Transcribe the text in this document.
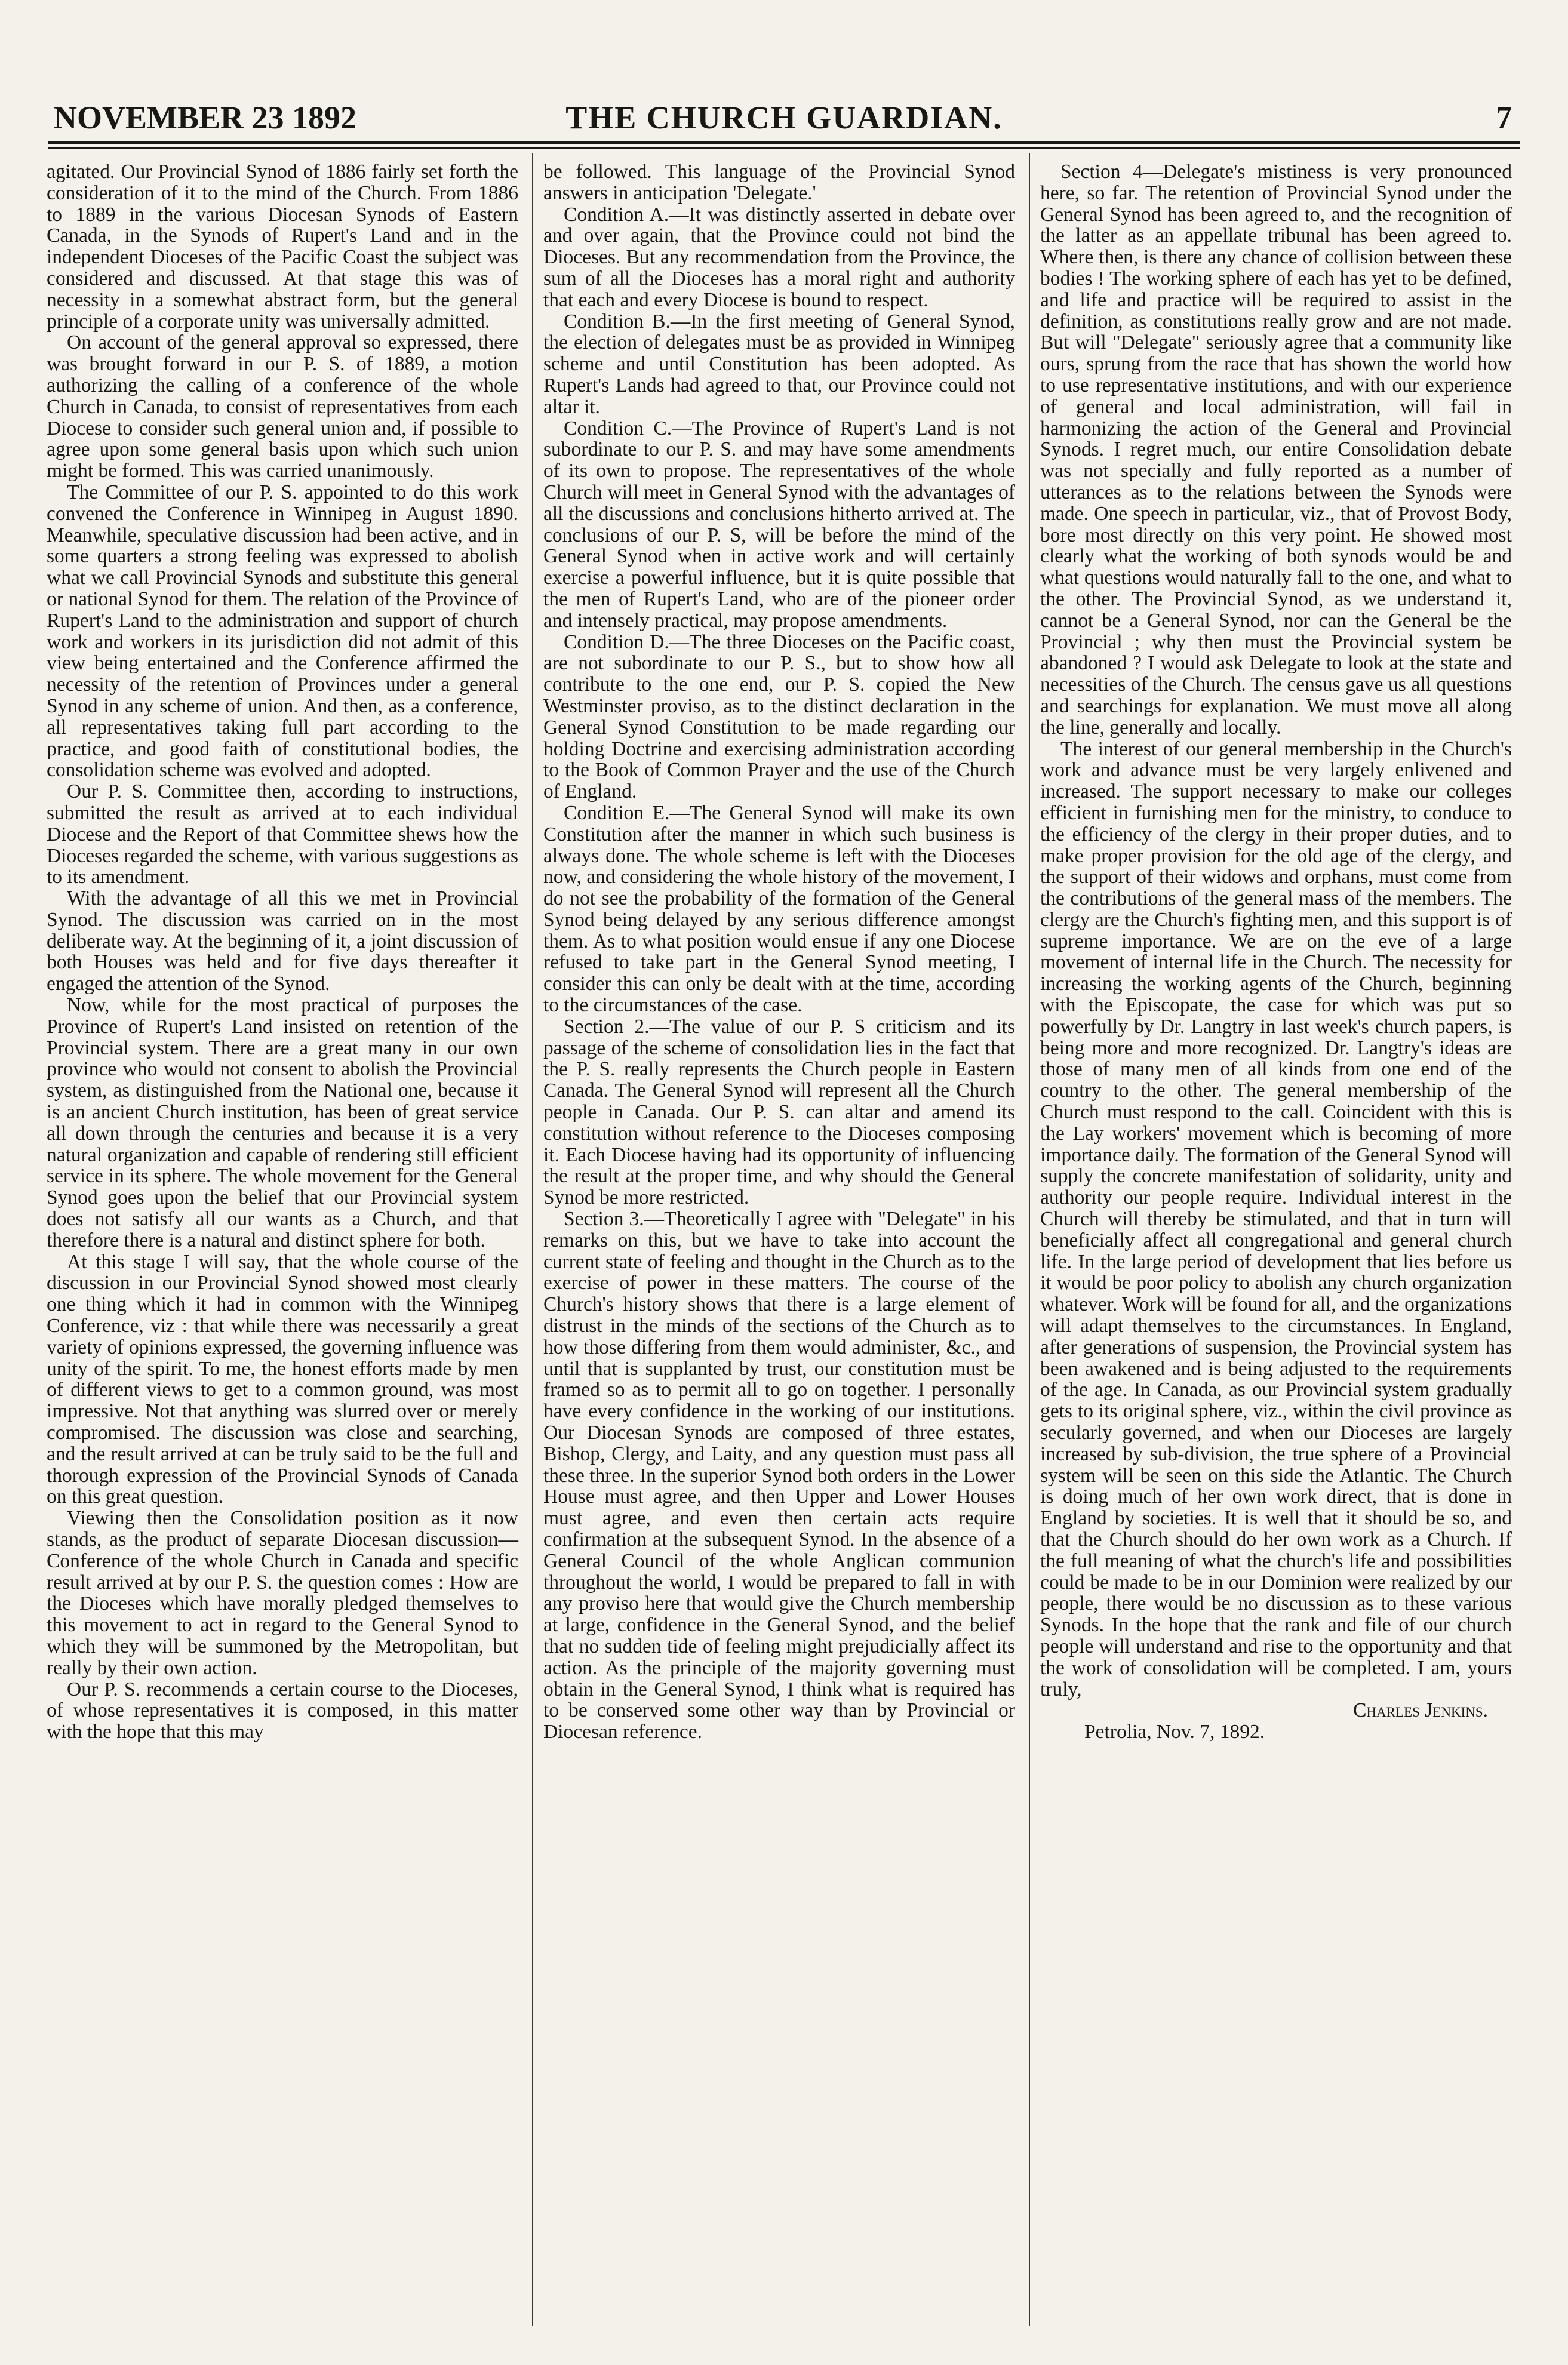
NOVEMBER 23 1892	THE CHURCH GUARDIAN.	7

agitated. Our Provincial Synod of 1886 fairly set forth the consideration of it to the mind of the Church. From 1886 to 1889 in the various Diocesan Synods of Eastern Canada, in the Synods of Rupert's Land and in the independent Dioceses of the Pacific Coast the subject was considered and discussed. At that stage this was of necessity in a somewhat abstract form, but the general principle of a corporate unity was universally admitted.

On account of the general approval so expressed, there was brought forward in our P. S. of 1889, a motion authorizing the calling of a conference of the whole Church in Canada, to consist of representatives from each Diocese to consider such general union and, if possible to agree upon some general basis upon which such union might be formed. This was carried unanimously.

The Committee of our P. S. appointed to do this work convened the Conference in Winnipeg in August 1890. Meanwhile, speculative discussion had been active, and in some quarters a strong feeling was expressed to abolish what we call Provincial Synods and substitute this general or national Synod for them. The relation of the Province of Rupert's Land to the administration and support of church work and workers in its jurisdiction did not admit of this view being entertained and the Conference affirmed the necessity of the retention of Provinces under a general Synod in any scheme of union. And then, as a conference, all representatives taking full part according to the practice, and good faith of constitutional bodies, the consolidation scheme was evolved and adopted.

Our P. S. Committee then, according to instructions, submitted the result as arrived at to each individual Diocese and the Report of that Committee shews how the Dioceses regarded the scheme, with various suggestions as to its amendment.

With the advantage of all this we met in Provincial Synod. The discussion was carried on in the most deliberate way. At the beginning of it, a joint discussion of both Houses was held and for five days thereafter it engaged the attention of the Synod.

Now, while for the most practical of purposes the Province of Rupert's Land insisted on retention of the Provincial system. There are a great many in our own province who would not consent to abolish the Provincial system, as distinguished from the National one, because it is an ancient Church institution, has been of great service all down through the centuries and because it is a very natural organization and capable of rendering still efficient service in its sphere. The whole movement for the General Synod goes upon the belief that our Provincial system does not satisfy all our wants as a Church, and that therefore there is a natural and distinct sphere for both.

At this stage I will say, that the whole course of the discussion in our Provincial Synod showed most clearly one thing which it had in common with the Winnipeg Conference, viz : that while there was necessarily a great variety of opinions expressed, the governing influence was unity of the spirit. To me, the honest efforts made by men of different views to get to a common ground, was most impressive. Not that anything was slurred over or merely compromised. The discussion was close and searching, and the result arrived at can be truly said to be the full and thorough expression of the Provincial Synods of Canada on this great question.

Viewing then the Consolidation position as it now stands, as the product of separate Diocesan discussion—Conference of the whole Church in Canada and specific result arrived at by our P. S. the question comes : How are the Dioceses which have morally pledged themselves to this movement to act in regard to the General Synod to which they will be summoned by the Metropolitan, but really by their own action.

Our P. S. recommends a certain course to the Dioceses, of whose representatives it is composed, in this matter with the hope that this may

be followed. This language of the Provincial Synod answers in anticipation 'Delegate.'

Condition A.—It was distinctly asserted in debate over and over again, that the Province could not bind the Dioceses. But any recommendation from the Province, the sum of all the Dioceses has a moral right and authority that each and every Diocese is bound to respect.

Condition B.—In the first meeting of General Synod, the election of delegates must be as provided in Winnipeg scheme and until Constitution has been adopted. As Rupert's Lands had agreed to that, our Province could not altar it.

Condition C.—The Province of Rupert's Land is not subordinate to our P. S. and may have some amendments of its own to propose. The representatives of the whole Church will meet in General Synod with the advantages of all the discussions and conclusions hitherto arrived at. The conclusions of our P. S, will be before the mind of the General Synod when in active work and will certainly exercise a powerful influence, but it is quite possible that the men of Rupert's Land, who are of the pioneer order and intensely practical, may propose amendments.

Condition D.—The three Dioceses on the Pacific coast, are not subordinate to our P. S., but to show how all contribute to the one end, our P. S. copied the New Westminster proviso, as to the distinct declaration in the General Synod Constitution to be made regarding our holding Doctrine and exercising administration according to the Book of Common Prayer and the use of the Church of England.

Condition E.—The General Synod will make its own Constitution after the manner in which such business is always done. The whole scheme is left with the Dioceses now, and considering the whole history of the movement, I do not see the probability of the formation of the General Synod being delayed by any serious difference amongst them. As to what position would ensue if any one Diocese refused to take part in the General Synod meeting, I consider this can only be dealt with at the time, according to the circumstances of the case.

Section 2.—The value of our P. S criticism and its passage of the scheme of consolidation lies in the fact that the P. S. really represents the Church people in Eastern Canada. The General Synod will represent all the Church people in Canada. Our P. S. can altar and amend its constitution without reference to the Dioceses composing it. Each Diocese having had its opportunity of influencing the result at the proper time, and why should the General Synod be more restricted.

Section 3.—Theoretically I agree with "Delegate" in his remarks on this, but we have to take into account the current state of feeling and thought in the Church as to the exercise of power in these matters. The course of the Church's history shows that there is a large element of distrust in the minds of the sections of the Church as to how those differing from them would administer, &c., and until that is supplanted by trust, our constitution must be framed so as to permit all to go on together. I personally have every confidence in the working of our institutions. Our Diocesan Synods are composed of three estates, Bishop, Clergy, and Laity, and any question must pass all these three. In the superior Synod both orders in the Lower House must agree, and then Upper and Lower Houses must agree, and even then certain acts require confirmation at the subsequent Synod. In the absence of a General Council of the whole Anglican communion throughout the world, I would be prepared to fall in with any proviso here that would give the Church membership at large, confidence in the General Synod, and the belief that no sudden tide of feeling might prejudicially affect its action. As the principle of the majority governing must obtain in the General Synod, I think what is required has to be conserved some other way than by Provincial or Diocesan reference.

Section 4—Delegate's mistiness is very pronounced here, so far. The retention of Provincial Synod under the General Synod has been agreed to, and the recognition of the latter as an appellate tribunal has been agreed to. Where then, is there any chance of collision between these bodies ! The working sphere of each has yet to be defined, and life and practice will be required to assist in the definition, as constitutions really grow and are not made. But will "Delegate" seriously agree that a community like ours, sprung from the race that has shown the world how to use representative institutions, and with our experience of general and local administration, will fail in harmonizing the action of the General and Provincial Synods. I regret much, our entire Consolidation debate was not specially and fully reported as a number of utterances as to the relations between the Synods were made. One speech in particular, viz., that of Provost Body, bore most directly on this very point. He showed most clearly what the working of both synods would be and what questions would naturally fall to the one, and what to the other. The Provincial Synod, as we understand it, cannot be a General Synod, nor can the General be the Provincial ; why then must the Provincial system be abandoned ? I would ask Delegate to look at the state and necessities of the Church. The census gave us all questions and searchings for explanation. We must move all along the line, generally and locally.

The interest of our general membership in the Church's work and advance must be very largely enlivened and increased. The support necessary to make our colleges efficient in furnishing men for the ministry, to conduce to the efficiency of the clergy in their proper duties, and to make proper provision for the old age of the clergy, and the support of their widows and orphans, must come from the contributions of the general mass of the members. The clergy are the Church's fighting men, and this support is of supreme importance. We are on the eve of a large movement of internal life in the Church. The necessity for increasing the working agents of the Church, beginning with the Episcopate, the case for which was put so powerfully by Dr. Langtry in last week's church papers, is being more and more recognized. Dr. Langtry's ideas are those of many men of all kinds from one end of the country to the other. The general membership of the Church must respond to the call. Coincident with this is the Lay workers' movement which is becoming of more importance daily. The formation of the General Synod will supply the concrete manifestation of solidarity, unity and authority our people require. Individual interest in the Church will thereby be stimulated, and that in turn will beneficially affect all congregational and general church life. In the large period of development that lies before us it would be poor policy to abolish any church organization whatever. Work will be found for all, and the organizations will adapt themselves to the circumstances. In England, after generations of suspension, the Provincial system has been awakened and is being adjusted to the requirements of the age. In Canada, as our Provincial system gradually gets to its original sphere, viz., within the civil province as secularly governed, and when our Dioceses are largely increased by sub-division, the true sphere of a Provincial system will be seen on this side the Atlantic. The Church is doing much of her own work direct, that is done in England by societies. It is well that it should be so, and that the Church should do her own work as a Church. If the full meaning of what the church's life and possibilities could be made to be in our Dominion were realized by our people, there would be no discussion as to these various Synods. In the hope that the rank and file of our church people will understand and rise to the opportunity and that the work of consolidation will be completed. I am, yours truly,

Charles Jenkins.

Petrolia, Nov. 7, 1892.
